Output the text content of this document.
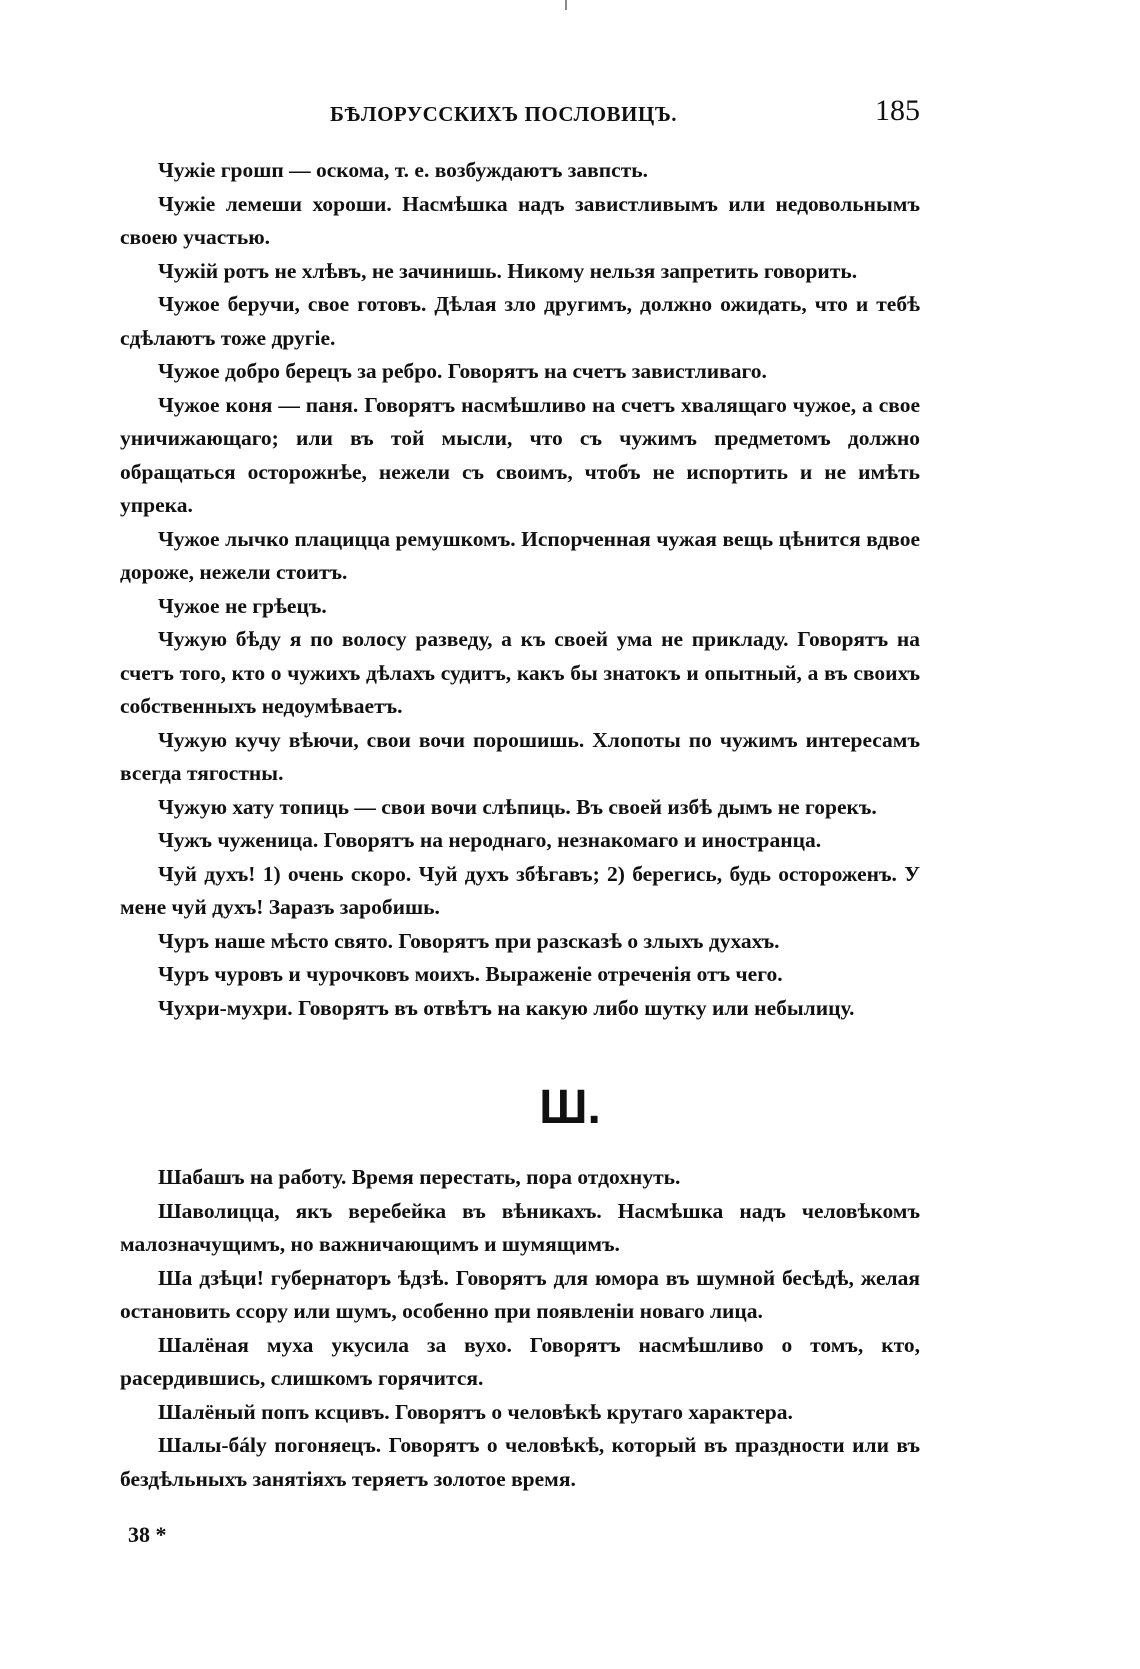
БѢЛОРУССКИХЪ ПОСЛОВИЦЪ.	185

Чужіе грошп — оскома, т. е. возбуждаютъ завпсть.

Чужіе лемеши хороши. Насмѣшка надъ завистливымъ или недовольнымъ своею участью.

Чужій ротъ не хлѣвъ, не зачинишь. Никому нельзя запретить говорить.

Чужое беручи, свое готовъ. Дѣлая зло другимъ, должно ожидать, что и тебѣ сдѣлаютъ тоже другіе.

Чужое добро берецъ за ребро. Говорятъ на счетъ завистливаго.

Чужое коня — паня. Говорятъ насмѣшливо на счетъ хвалящаго чужое, а свое уничижающаго; или въ той мысли, что съ чужимъ предметомъ должно обращаться осторожнѣе, нежели съ своимъ, чтобъ не испортить и не имѣть упрека.

Чужое лычко плацицца ремушкомъ. Испорченная чужая вещь цѣнится вдвое дороже, нежели стоитъ.

Чужое не грѣецъ.

Чужую бѣду я по волосу разведу, а къ своей ума не прикладу. Говорятъ на счетъ того, кто о чужихъ дѣлахъ судитъ, какъ бы знатокъ и опытный, а въ своихъ собственныхъ недоумѣваетъ.

Чужую кучу вѣючи, свои вочи порошишь. Хлопоты по чужимъ интересамъ всегда тягостны.

Чужую хату топиць — свои вочи слѣпиць. Въ своей избѣ дымъ не горекъ.

Чужъ чуженица. Говорятъ на нероднаго, незнакомаго и иностранца.

Чуй духъ! 1) очень скоро. Чуй духъ збѣгавъ; 2) берегись, будь остороженъ. У мене чуй духъ! Заразъ заробишь.

Чуръ наше мѣсто свято. Говорятъ при разсказѣ о злыхъ духахъ.

Чуръ чуровъ и чурочковъ моихъ. Выраженіе отреченія отъ чего.

Чухри-мухри. Говорятъ въ отвѣтъ на какую либо шутку или небылицу.

Ш.

Шабашъ на работу. Время перестать, пора отдохнуть.

Шаволицца, якъ веребейка въ вѣникахъ. Насмѣшка надъ человѣкомъ малозначущимъ, но важничающимъ и шумящимъ.

Ша дзѣци! губернаторъ ѣдзѣ. Говорятъ для юмора въ шумной бесѣдѣ, желая остановить ссору или шумъ, особенно при появленіи новаго лица.

Шалёная муха укусила за вухо. Говорятъ насмѣшливо о томъ, кто, расердившись, слишкомъ горячится.

Шалёный попъ ксцивъ. Говорятъ о человѣкѣ крутаго характера.

Шалы-бály погоняецъ. Говорятъ о человѣкѣ, который въ праздности или въ бездѣльныхъ занятіяхъ теряетъ золотое время.

38 *
